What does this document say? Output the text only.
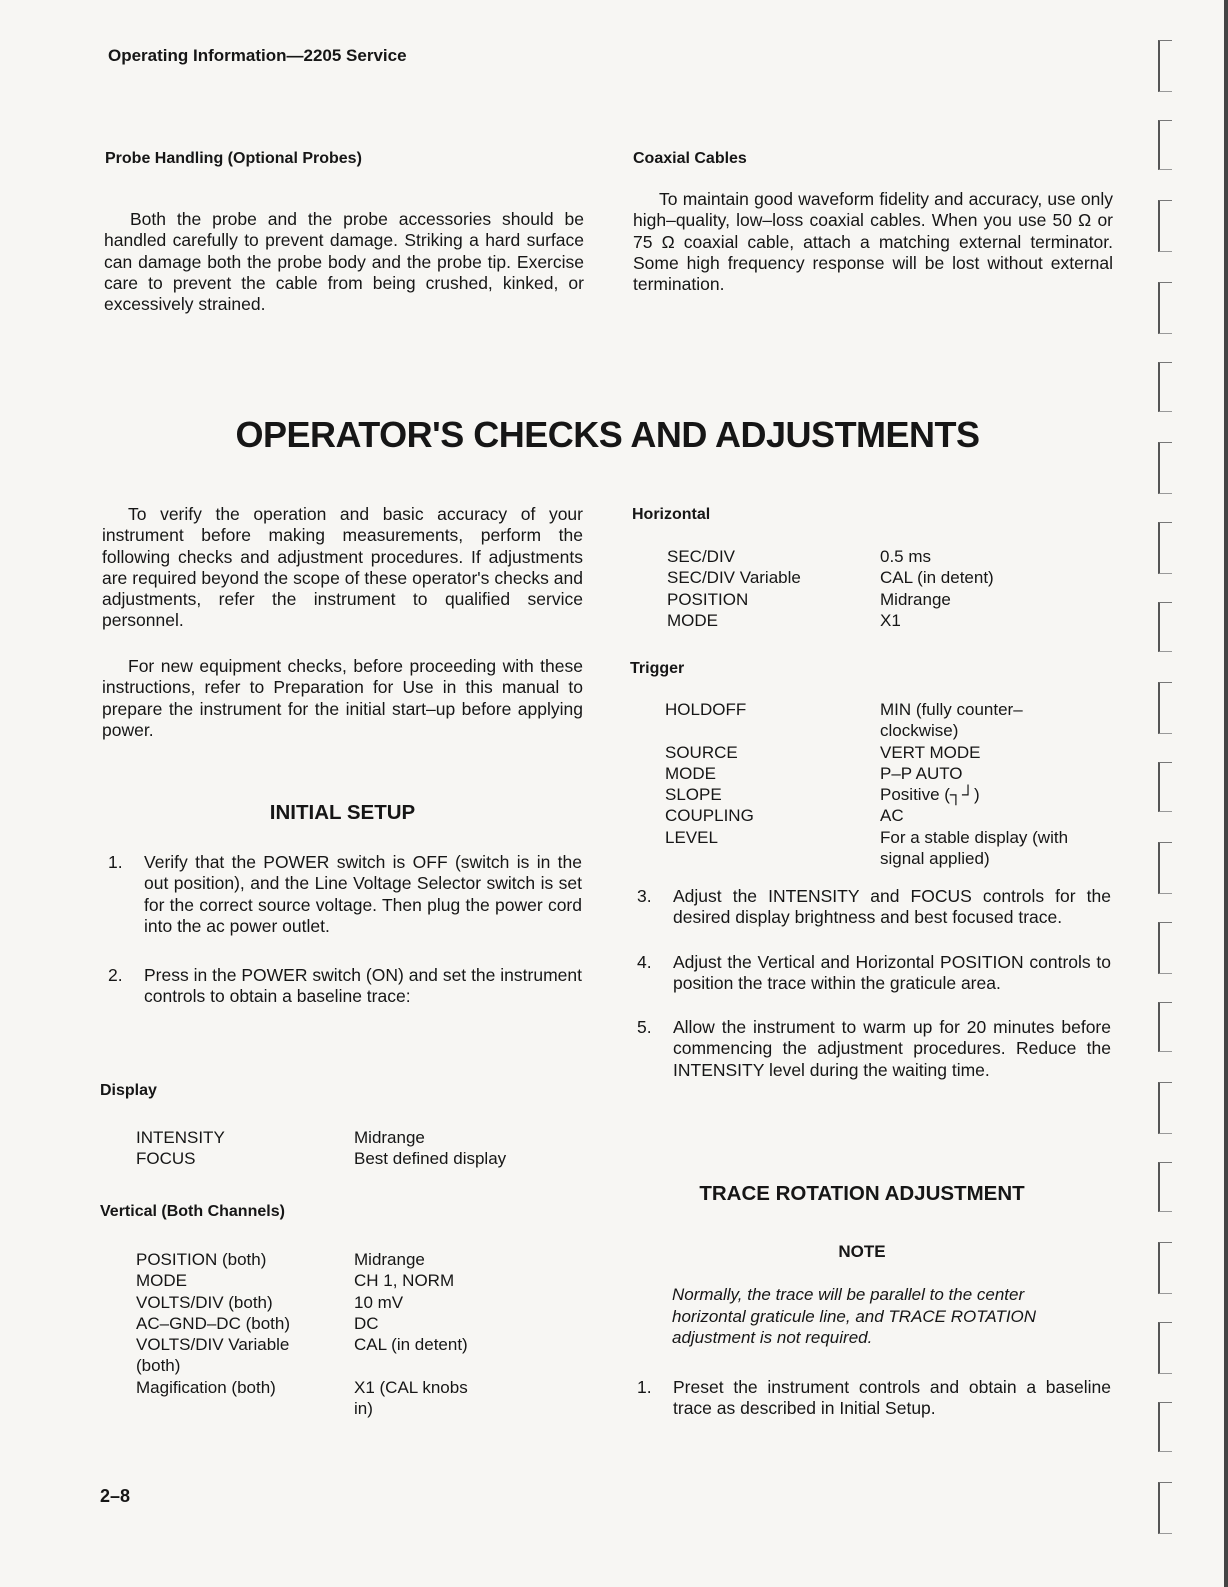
Operating Information—2205 Service
Probe Handling (Optional Probes)

Both the probe and the probe accessories should be handled carefully to prevent damage. Striking a hard surface can damage both the probe body and the probe tip. Exercise care to prevent the cable from being crushed, kinked, or excessively strained.

Coaxial Cables

To maintain good waveform fidelity and accuracy, use only high–quality, low–loss coaxial cables. When you use 50 Ω or 75 Ω coaxial cable, attach a matching external terminator. Some high frequency response will be lost without external termination.

OPERATOR'S CHECKS AND ADJUSTMENTS

To verify the operation and basic accuracy of your instrument before making measurements, perform the following checks and adjustment procedures. If adjustments are required beyond the scope of these operator's checks and adjustments, refer the instrument to qualified service personnel.

For new equipment checks, before proceeding with these instructions, refer to Preparation for Use in this manual to prepare the instrument for the initial start–up before applying power.

INITIAL SETUP
1.	Verify that the POWER switch is OFF (switch is in the out position), and the Line Voltage Selector switch is set for the correct source voltage. Then plug the power cord into the ac power outlet.
2.	Press in the POWER switch (ON) and set the instrument controls to obtain a baseline trace:
Display
INTENSITY	Midrange
FOCUS	Best defined display
Vertical (Both Channels)
POSITION (both)	Midrange
MODE	CH 1, NORM
VOLTS/DIV (both)	10 mV
AC–GND–DC (both)	DC
VOLTS/DIV Variable	CAL (in detent)
(both)
Magification (both)	X1 (CAL knobs
in)
Horizontal
SEC/DIV	0.5 ms
SEC/DIV Variable	CAL (in detent)
POSITION	Midrange
MODE	X1
Trigger
HOLDOFF	MIN (fully counter–
clockwise)
SOURCE	VERT MODE
MODE	P–P AUTO
SLOPE	Positive (┐┘)
COUPLING	AC
LEVEL	For a stable display (with
signal applied)
3.	Adjust the INTENSITY and FOCUS controls for the desired display brightness and best focused trace.
4.	Adjust the Vertical and Horizontal POSITION controls to position the trace within the graticule area.
5.	Allow the instrument to warm up for 20 minutes before commencing the adjustment procedures. Reduce the INTENSITY level during the waiting time.
TRACE ROTATION ADJUSTMENT
NOTE

Normally, the trace will be parallel to the center horizontal graticule line, and TRACE ROTATION adjustment is not required.

1.	Preset the instrument controls and obtain a baseline trace as described in Initial Setup.
2–8
